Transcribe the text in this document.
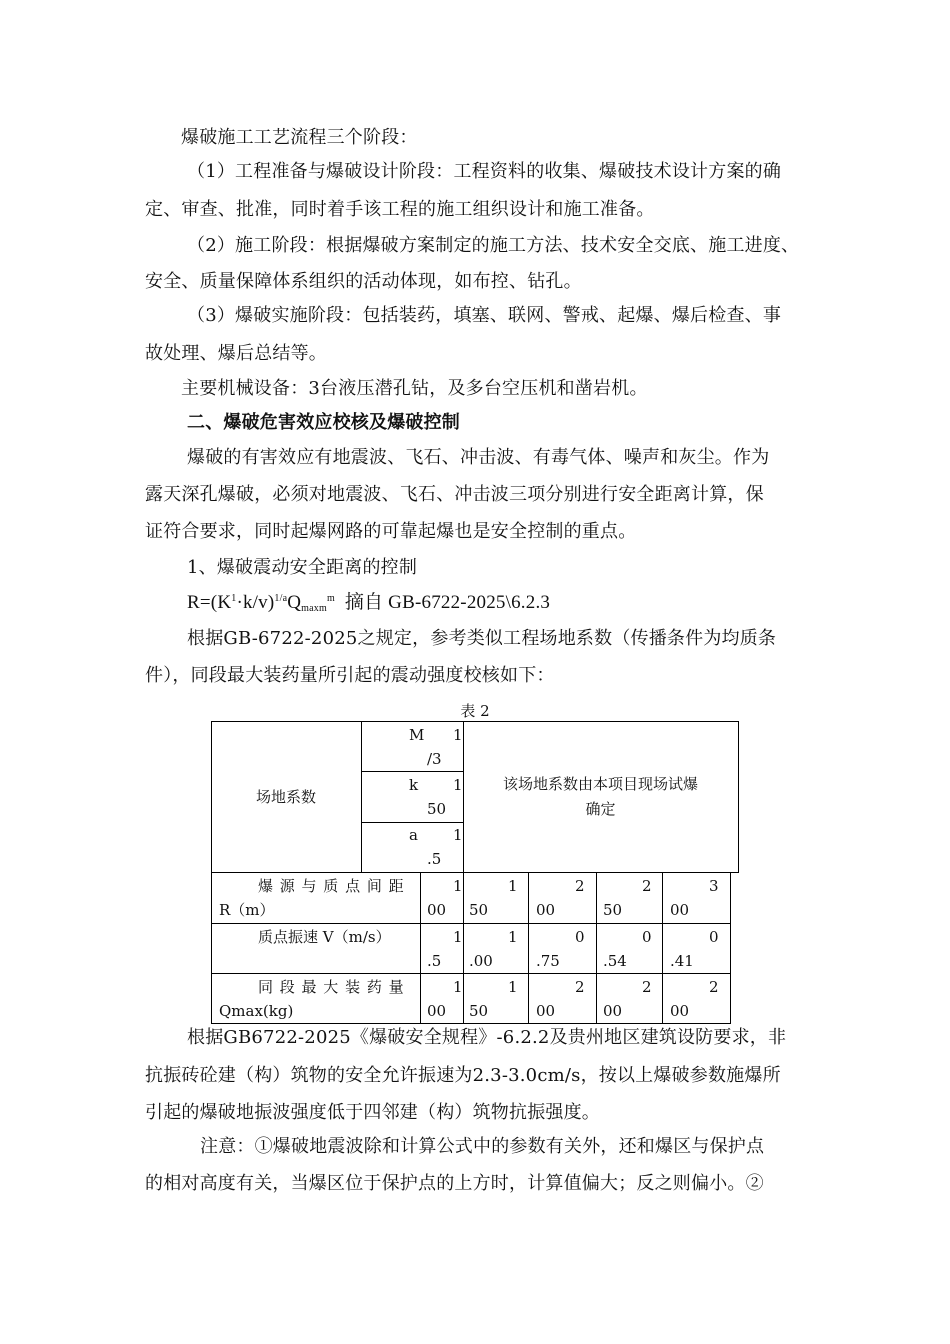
爆破施工工艺流程三个阶段：
（1）工程准备与爆破设计阶段：工程资料的收集、爆破技术设计方案的确
定、审查、批准，同时着手该工程的施工组织设计和施工准备。
（2）施工阶段：根据爆破方案制定的施工方法、技术安全交底、施工进度、
安全、质量保障体系组织的活动体现，如布控、钻孔。
（3）爆破实施阶段：包括装药，填塞、联网、警戒、起爆、爆后检查、事
故处理、爆后总结等。
主要机械设备：3台液压潜孔钻，及多台空压机和凿岩机。
二、爆破危害效应校核及爆破控制
爆破的有害效应有地震波、飞石、冲击波、有毒气体、噪声和灰尘。作为
露天深孔爆破，必须对地震波、飞石、冲击波三项分别进行安全距离计算，保
证符合要求，同时起爆网路的可靠起爆也是安全控制的重点。
1、爆破震动安全距离的控制
$R=(K^1\cdot k/v)^{1/a}Q_{maxm}^m$ 摘自 GB-6722-2025\6.2.3
根据GB-6722-2025之规定，参考类似工程场地系数（传播条件为均质条
件），同段最大装药量所引起的震动强度校核如下：
表 2
场地系数
M 1
/3
k 1
50
a 1
.5
该场地系数由本项目现场试爆
确定
爆 源 与 质 点 间 距
R（m）
质点振速 V（m/s）
同 段 最 大 装 药 量
Qmax(kg)
1
00
1
50
2
00
2
50
3
00
1
.5
1
.00
0
.75
0
.54
0
.41
1
00
1
50
2
00
2
00
2
00
根据GB6722-2025《爆破安全规程》-6.2.2及贵州地区建筑设防要求，非
抗振砖砼建（构）筑物的安全允许振速为2.3-3.0cm/s，按以上爆破参数施爆所
引起的爆破地振波强度低于四邻建（构）筑物抗振强度。
注意：①爆破地震波除和计算公式中的参数有关外，还和爆区与保护点
的相对高度有关，当爆区位于保护点的上方时，计算值偏大；反之则偏小。②
